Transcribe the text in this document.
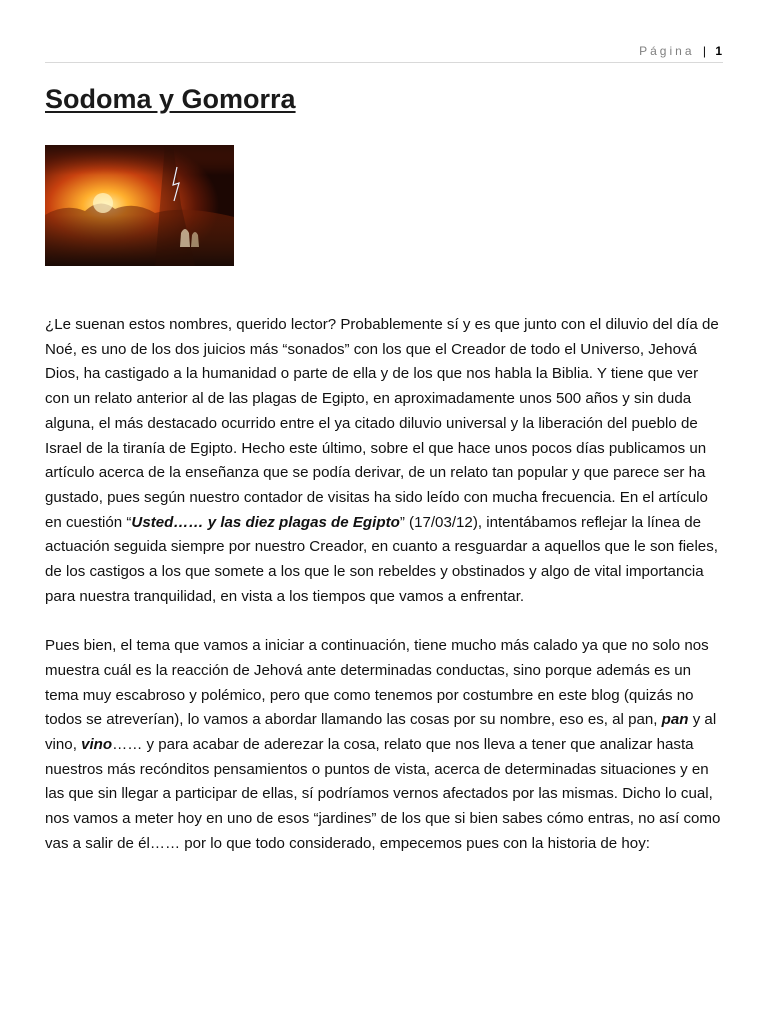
Página | 1
Sodoma y Gomorra

¿Le suenan estos nombres, querido lector? Probablemente sí y es que junto con el diluvio del día de Noé, es uno de los dos juicios más “sonados” con los que el Creador de todo el Universo, Jehová Dios, ha castigado a la humanidad o parte de ella y de los que nos habla la Biblia. Y tiene que ver con un relato anterior al de las plagas de Egipto, en aproximadamente unos 500 años y sin duda alguna, el más destacado ocurrido entre el ya citado diluvio universal y la liberación del pueblo de Israel de la tiranía de Egipto. Hecho este último, sobre el que hace unos pocos días publicamos un artículo acerca de la enseñanza que se podía derivar, de un relato tan popular y que parece ser ha gustado, pues según nuestro contador de visitas ha sido leído con mucha frecuencia. En el artículo en cuestión “Usted…… y las diez plagas de Egipto” (17/03/12), intentábamos reflejar la línea de actuación seguida siempre por nuestro Creador, en cuanto a resguardar a aquellos que le son fieles, de los castigos a los que somete a los que le son rebeldes y obstinados y algo de vital importancia para nuestra tranquilidad, en vista a los tiempos que vamos a enfrentar.

Pues bien, el tema que vamos a iniciar a continuación, tiene mucho más calado ya que no solo nos muestra cuál es la reacción de Jehová ante determinadas conductas, sino porque además es un tema muy escabroso y polémico, pero que como tenemos por costumbre en este blog (quizás no todos se atreverían), lo vamos a abordar llamando las cosas por su nombre, eso es, al pan, pan y al vino, vino…… y para acabar de aderezar la cosa, relato que nos lleva a tener que analizar hasta nuestros más recónditos pensamientos o puntos de vista, acerca de determinadas situaciones y en las que sin llegar a participar de ellas, sí podríamos vernos afectados por las mismas. Dicho lo cual, nos vamos a meter hoy en uno de esos “jardines” de los que si bien sabes cómo entras, no así como vas a salir de él…… por lo que todo considerado, empecemos pues con la historia de hoy:
